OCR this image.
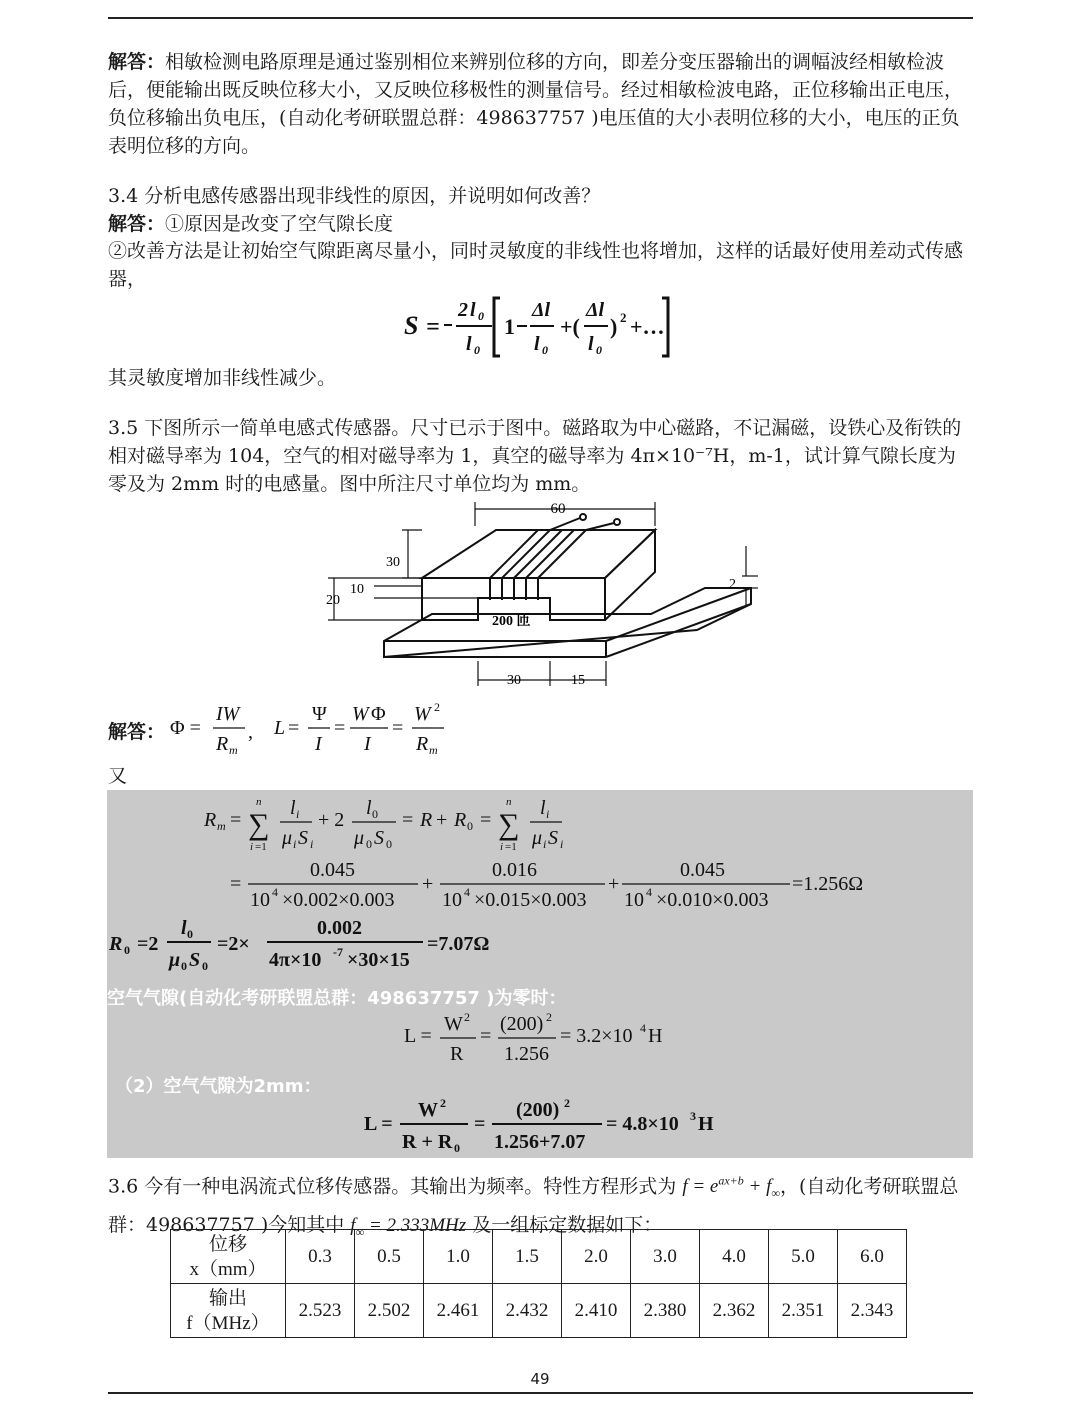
解答：相敏检测电路原理是通过鉴别相位来辨别位移的方向，即差分变压器输出的调幅波经相敏检波后，便能输出既反映位移大小，又反映位移极性的测量信号。经过相敏检波电路，正位移输出正电压，负位移输出负电压，(自动化考研联盟总群：498637757 )电压值的大小表明位移的大小，电压的正负表明位移的方向。
3.4 分析电感传感器出现非线性的原因，并说明如何改善？
解答：①原因是改变了空气隙长度
②改善方法是让初始空气隙距离尽量小，同时灵敏度的非线性也将增加，这样的话最好使用差动式传感器，
S =
2 l 0
l 0
1
Δl
l 0
+(
Δl
l 0
) 2 +…
其灵敏度增加非线性减少。
3.5 下图所示一简单电感式传感器。尺寸已示于图中。磁路取为中心磁路，不记漏磁，设铁心及衔铁的相对磁导率为 104，空气的相对磁导率为 1，真空的磁导率为 4π×10⁻⁷H，m-1，试计算气隙长度为零及为 2mm 时的电感量。图中所注尺寸单位均为 mm。
60
30
10
20
2
30	15
200 匝
解答： Φ =
IW
R m
, L =
Ψ
I
=
W Φ
I
=
W 2
R m
又
R m =
n
∑
i =1
l i
μ i S i
+ 2
l 0
μ 0 S 0
= R + R 0 =
n
∑
i =1
l i
μ i S i
=
0.045
10 4 ×0.002×0.003
+
0.016
10 4 ×0.015×0.003
+
0.045
10 4 ×0.010×0.003
=1.256Ω
R 0 =2
l 0
μ 0 S 0
=2×
0.002
4π×10 -7 ×30×15
=7.07Ω
空气气隙(自动化考研联盟总群：498637757 )为零时：
L =
W 2
R
=
(200) 2
1.256
= 3.2×10 4 H
（2）空气气隙为2mm：
L =
W 2
R + R 0
=
(200) 2
1.256+7.07
= 4.8×10 3 H
3.6 今有一种电涡流式位移传感器。其输出为频率。特性方程形式为 $f = e^{ax+b} + f_\infty$，(自动化考研联盟总群：498637757 )今知其中 $f_\infty = 2.333MHz$ 及一组标定数据如下：
位移
x（mm）	0.3	0.5	1.0	1.5	2.0	3.0	4.0	5.0	6.0

输出
f（MHz）	2.523	2.502	2.461	2.432	2.410	2.380	2.362	2.351	2.343
49
